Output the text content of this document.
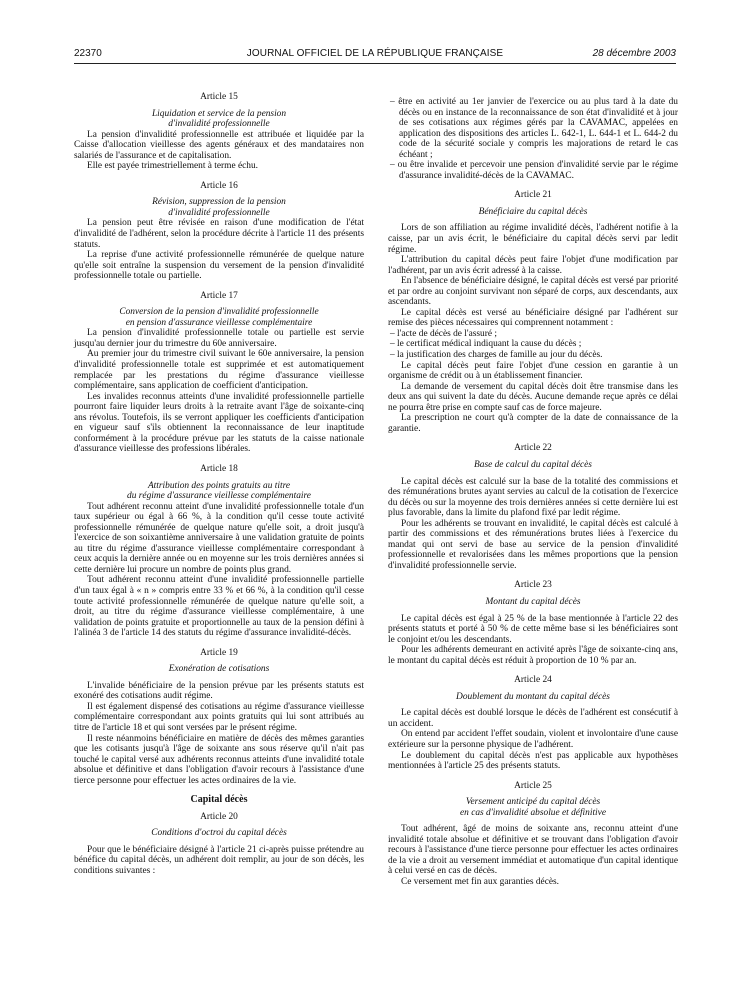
22370	JOURNAL OFFICIEL DE LA RÉPUBLIQUE FRANÇAISE	28 décembre 2003

Article 15

Liquidation et service de la pension

d'invalidité professionnelle

La pension d'invalidité professionnelle est attribuée et liquidée par la Caisse d'allocation vieillesse des agents généraux et des mandataires non salariés de l'assurance et de capitalisation.

Elle est payée trimestriellement à terme échu.

Article 16

Révision, suppression de la pension

d'invalidité professionnelle

La pension peut être révisée en raison d'une modification de l'état d'invalidité de l'adhérent, selon la procédure décrite à l'article 11 des présents statuts.

La reprise d'une activité professionnelle rémunérée de quelque nature qu'elle soit entraîne la suspension du versement de la pension d'invalidité professionnelle totale ou partielle.

Article 17

Conversion de la pension d'invalidité professionnelle

en pension d'assurance vieillesse complémentaire

La pension d'invalidité professionnelle totale ou partielle est servie jusqu'au dernier jour du trimestre du 60e anniversaire.

Au premier jour du trimestre civil suivant le 60e anniversaire, la pension d'invalidité professionnelle totale est supprimée et est automatiquement remplacée par les prestations du régime d'assurance vieillesse complémentaire, sans application de coefficient d'anticipation.

Les invalides reconnus atteints d'une invalidité professionnelle partielle pourront faire liquider leurs droits à la retraite avant l'âge de soixante-cinq ans révolus. Toutefois, ils se verront appliquer les coefficients d'anticipation en vigueur sauf s'ils obtiennent la reconnaissance de leur inaptitude conformément à la procédure prévue par les statuts de la caisse nationale d'assurance vieillesse des professions libérales.

Article 18

Attribution des points gratuits au titre

du régime d'assurance vieillesse complémentaire

Tout adhérent reconnu atteint d'une invalidité professionnelle totale d'un taux supérieur ou égal à 66 %, à la condition qu'il cesse toute activité professionnelle rémunérée de quelque nature qu'elle soit, a droit jusqu'à l'exercice de son soixantième anniversaire à une validation gratuite de points au titre du régime d'assurance vieillesse complémentaire correspondant à ceux acquis la dernière année ou en moyenne sur les trois dernières années si cette dernière lui procure un nombre de points plus grand.

Tout adhérent reconnu atteint d'une invalidité professionnelle partielle d'un taux égal à « n » compris entre 33 % et 66 %, à la condition qu'il cesse toute activité professionnelle rémunérée de quelque nature qu'elle soit, a droit, au titre du régime d'assurance vieillesse complémentaire, à une validation de points gratuite et proportionnelle au taux de la pension défini à l'alinéa 3 de l'article 14 des statuts du régime d'assurance invalidité-décès.

Article 19

Exonération de cotisations

L'invalide bénéficiaire de la pension prévue par les présents statuts est exonéré des cotisations audit régime.

Il est également dispensé des cotisations au régime d'assurance vieillesse complémentaire correspondant aux points gratuits qui lui sont attribués au titre de l'article 18 et qui sont versées par le présent régime.

Il reste néanmoins bénéficiaire en matière de décès des mêmes garanties que les cotisants jusqu'à l'âge de soixante ans sous réserve qu'il n'ait pas touché le capital versé aux adhérents reconnus atteints d'une invalidité totale absolue et définitive et dans l'obligation d'avoir recours à l'assistance d'une tierce personne pour effectuer les actes ordinaires de la vie.

Capital décès

Article 20

Conditions d'octroi du capital décès

Pour que le bénéficiaire désigné à l'article 21 ci-après puisse prétendre au bénéfice du capital décès, un adhérent doit remplir, au jour de son décès, les conditions suivantes :

– être en activité au 1er janvier de l'exercice ou au plus tard à la date du décès ou en instance de la reconnaissance de son état d'invalidité et à jour de ses cotisations aux régimes gérés par la CAVAMAC, appelées en application des dispositions des articles L. 642-1, L. 644-1 et L. 644-2 du code de la sécurité sociale y compris les majorations de retard le cas échéant ;
– ou être invalide et percevoir une pension d'invalidité servie par le régime d'assurance invalidité-décès de la CAVAMAC.

Article 21

Bénéficiaire du capital décès

Lors de son affiliation au régime invalidité décès, l'adhérent notifie à la caisse, par un avis écrit, le bénéficiaire du capital décès servi par ledit régime.

L'attribution du capital décès peut faire l'objet d'une modification par l'adhérent, par un avis écrit adressé à la caisse.

En l'absence de bénéficiaire désigné, le capital décès est versé par priorité et par ordre au conjoint survivant non séparé de corps, aux descendants, aux ascendants.

Le capital décès est versé au bénéficiaire désigné par l'adhérent sur remise des pièces nécessaires qui comprennent notamment :

– l'acte de décès de l'assuré ;
– le certificat médical indiquant la cause du décès ;
– la justification des charges de famille au jour du décès.

Le capital décès peut faire l'objet d'une cession en garantie à un organisme de crédit ou à un établissement financier.

La demande de versement du capital décès doit être transmise dans les deux ans qui suivent la date du décès. Aucune demande reçue après ce délai ne pourra être prise en compte sauf cas de force majeure.

La prescription ne court qu'à compter de la date de connaissance de la garantie.

Article 22

Base de calcul du capital décès

Le capital décès est calculé sur la base de la totalité des commissions et des rémunérations brutes ayant servies au calcul de la cotisation de l'exercice du décès ou sur la moyenne des trois dernières années si cette dernière lui est plus favorable, dans la limite du plafond fixé par ledit régime.

Pour les adhérents se trouvant en invalidité, le capital décès est calculé à partir des commissions et des rémunérations brutes liées à l'exercice du mandat qui ont servi de base au service de la pension d'invalidité professionnelle et revalorisées dans les mêmes proportions que la pension d'invalidité professionnelle servie.

Article 23

Montant du capital décès

Le capital décès est égal à 25 % de la base mentionnée à l'article 22 des présents statuts et porté à 50 % de cette même base si les bénéficiaires sont le conjoint et/ou les descendants.

Pour les adhérents demeurant en activité après l'âge de soixante-cinq ans, le montant du capital décès est réduit à proportion de 10 % par an.

Article 24

Doublement du montant du capital décès

Le capital décès est doublé lorsque le décès de l'adhérent est consécutif à un accident.

On entend par accident l'effet soudain, violent et involontaire d'une cause extérieure sur la personne physique de l'adhérent.

Le doublement du capital décès n'est pas applicable aux hypothèses mentionnées à l'article 25 des présents statuts.

Article 25

Versement anticipé du capital décès

en cas d'invalidité absolue et définitive

Tout adhérent, âgé de moins de soixante ans, reconnu atteint d'une invalidité totale absolue et définitive et se trouvant dans l'obligation d'avoir recours à l'assistance d'une tierce personne pour effectuer les actes ordinaires de la vie a droit au versement immédiat et automatique d'un capital identique à celui versé en cas de décès.

Ce versement met fin aux garanties décès.
